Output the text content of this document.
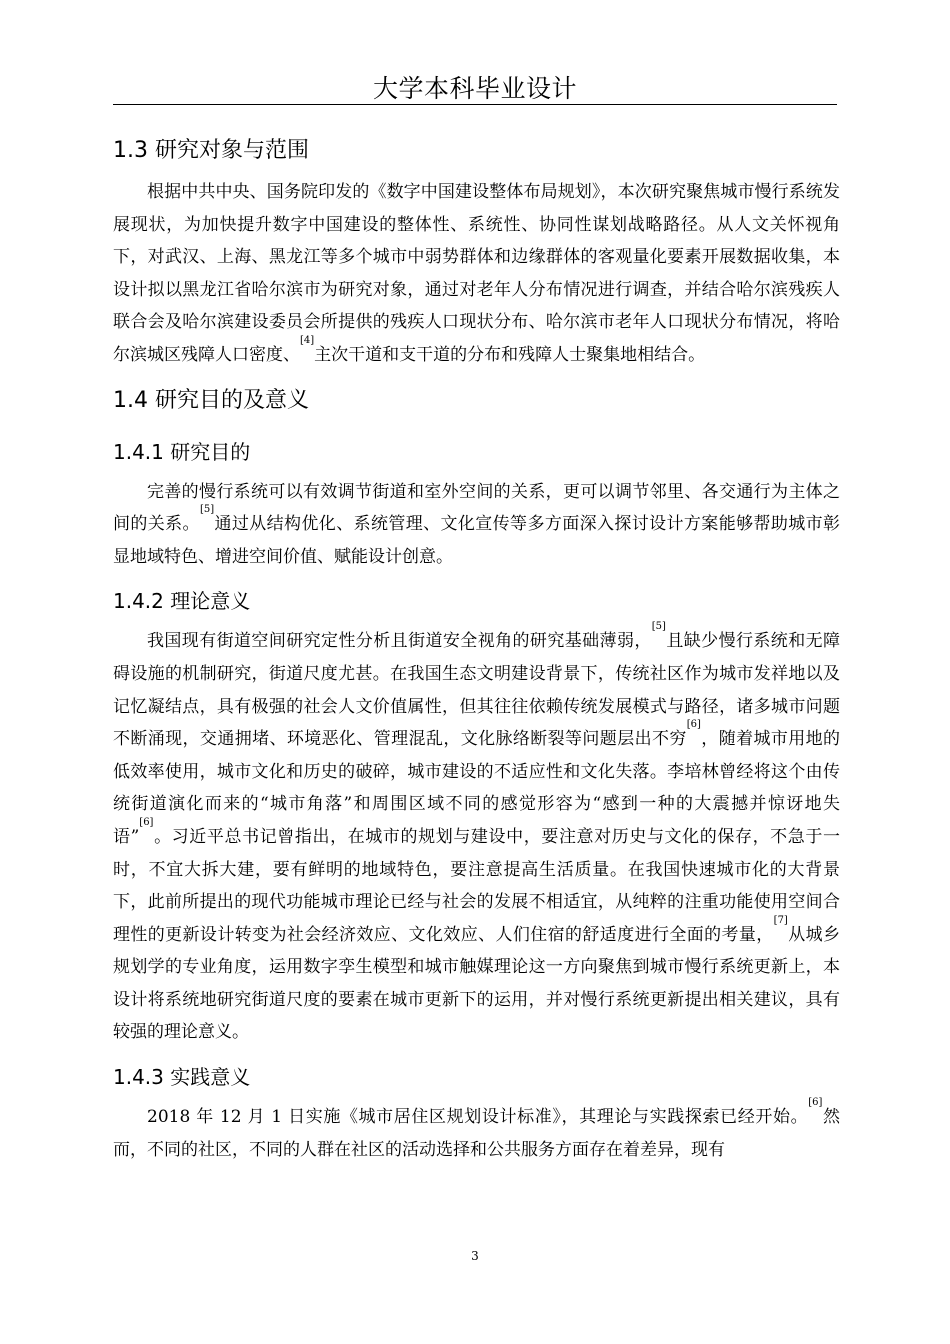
大学本科毕业设计
1.3 研究对象与范围

根据中共中央、国务院印发的《数字中国建设整体布局规划》，本次研究聚焦城市慢行系统发展现状，为加快提升数字中国建设的整体性、系统性、协同性谋划战略路径。从人文关怀视角下，对武汉、上海、黑龙江等多个城市中弱势群体和边缘群体的客观量化要素开展数据收集，本设计拟以黑龙江省哈尔滨市为研究对象，通过对老年人分布情况进行调查，并结合哈尔滨残疾人联合会及哈尔滨建设委员会所提供的残疾人口现状分布、哈尔滨市老年人口现状分布情况，将哈尔滨城区残障人口密度、[4]主次干道和支干道的分布和残障人士聚集地相结合。

1.4 研究目的及意义
1.4.1 研究目的

完善的慢行系统可以有效调节街道和室外空间的关系，更可以调节邻里、各交通行为主体之间的关系。[5]通过从结构优化、系统管理、文化宣传等多方面深入探讨设计方案能够帮助城市彰显地域特色、增进空间价值、赋能设计创意。

1.4.2 理论意义

我国现有街道空间研究定性分析且街道安全视角的研究基础薄弱，[5]且缺少慢行系统和无障碍设施的机制研究，街道尺度尤甚。在我国生态文明建设背景下，传统社区作为城市发祥地以及记忆凝结点，具有极强的社会人文价值属性，但其往往依赖传统发展模式与路径，诸多城市问题不断涌现，交通拥堵、环境恶化、管理混乱，文化脉络断裂等问题层出不穷[6]，随着城市用地的低效率使用，城市文化和历史的破碎，城市建设的不适应性和文化失落。李培林曾经将这个由传统街道演化而来的“城市角落”和周围区域不同的感觉形容为“感到一种的大震撼并惊讶地失语”[6]。习近平总书记曾指出，在城市的规划与建设中，要注意对历史与文化的保存，不急于一时，不宜大拆大建，要有鲜明的地域特色，要注意提高生活质量。在我国快速城市化的大背景下，此前所提出的现代功能城市理论已经与社会的发展不相适宜，从纯粹的注重功能使用空间合理性的更新设计转变为社会经济效应、文化效应、人们住宿的舒适度进行全面的考量，[7]从城乡规划学的专业角度，运用数字孪生模型和城市触媒理论这一方向聚焦到城市慢行系统更新上，本设计将系统地研究街道尺度的要素在城市更新下的运用，并对慢行系统更新提出相关建议，具有较强的理论意义。

1.4.3 实践意义

2018 年 12 月 1 日实施《城市居住区规划设计标准》，其理论与实践探索已经开始。[6]然而，不同的社区，不同的人群在社区的活动选择和公共服务方面存在着差异，现有

3
